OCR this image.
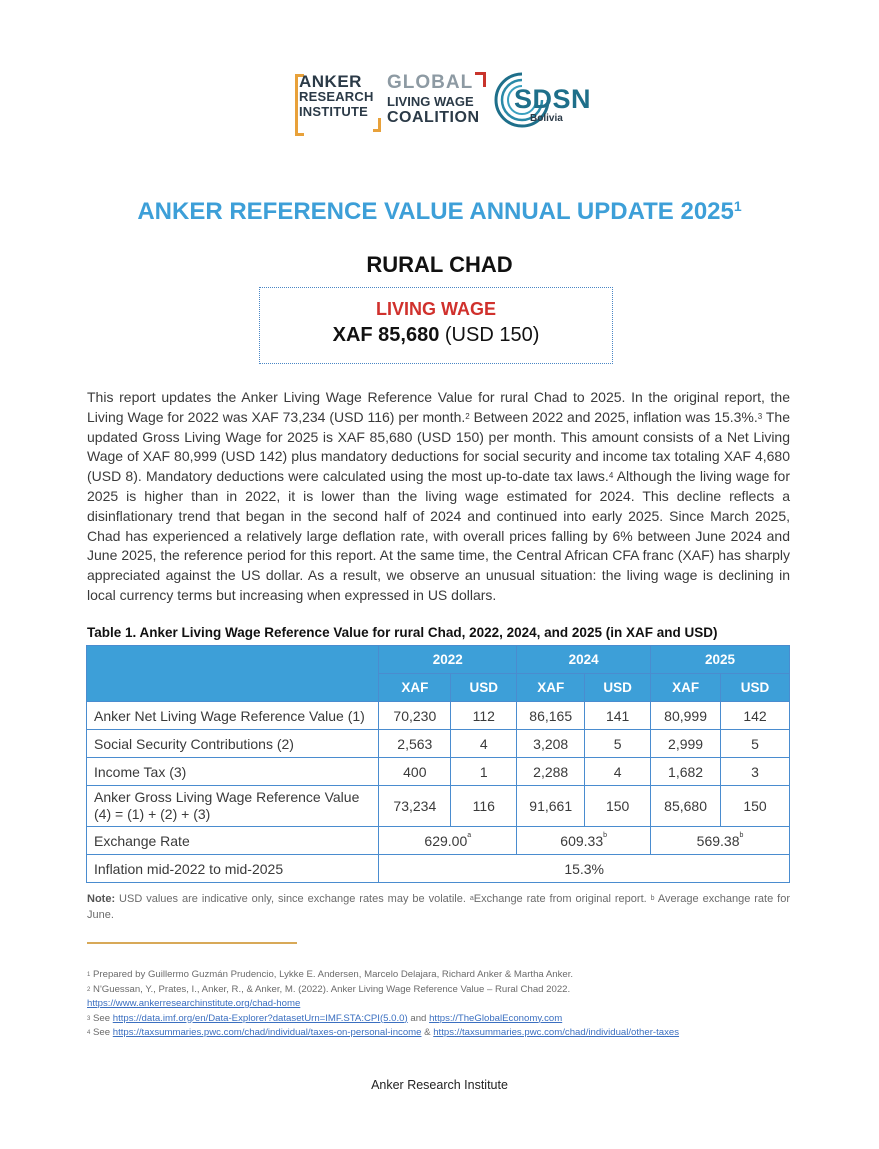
ANKER
RESEARCH
INSTITUTE
GLOBAL
LIVING WAGE
COALITION
SDSN
Bolivia
ANKER REFERENCE VALUE ANNUAL UPDATE 2025$^1$
RURAL CHAD
LIVING WAGE
XAF 85,680 (USD 150)
This report updates the Anker Living Wage Reference Value for rural Chad to 2025. In the original report, the Living Wage for 2022 was XAF 73,234 (USD 116) per month.$^2$ Between 2022 and 2025, inflation was 15.3%.$^3$ The updated Gross Living Wage for 2025 is XAF 85,680 (USD 150) per month. This amount consists of a Net Living Wage of XAF 80,999 (USD 142) plus mandatory deductions for social security and income tax totaling XAF 4,680 (USD 8). Mandatory deductions were calculated using the most up-to-date tax laws.$^4$ Although the living wage for 2025 is higher than in 2022, it is lower than the living wage estimated for 2024. This decline reflects a disinflationary trend that began in the second half of 2024 and continued into early 2025. Since March 2025, Chad has experienced a relatively large deflation rate, with overall prices falling by 6% between June 2024 and June 2025, the reference period for this report. At the same time, the Central African CFA franc (XAF) has sharply appreciated against the US dollar. As a result, we observe an unusual situation: the living wage is declining in local currency terms but increasing when expressed in US dollars.
Table 1. Anker Living Wage Reference Value for rural Chad, 2022, 2024, and 2025 (in XAF and USD)
	2022		2024		2025	
	XAF	USD	XAF	USD	XAF	USD
Anker Net Living Wage Reference Value (1)	70,230	112	86,165	141	80,999	142
Social Security Contributions (2)	2,563	4	3,208	5	2,999	5
Income Tax (3)	400	1	2,288	4	1,682	3

Anker Gross Living Wage Reference Value
(4) = (1) + (2) + (3)	73,234	116	91,661	150	85,680	150
Exchange Rate	629.00$^a$		609.33$^b$		569.38$^b$
Inflation mid-2022 to mid-2025	15.3%					
Note: USD values are indicative only, since exchange rates may be volatile. $^a$Exchange rate from original report. $^b$ Average exchange rate for June.

$^1$ Prepared by Guillermo Guzmán Prudencio, Lykke E. Andersen, Marcelo Delajara, Richard Anker & Martha Anker.

$^2$ N'Guessan, Y., Prates, I., Anker, R., & Anker, M. (2022). Anker Living Wage Reference Value – Rural Chad 2022.
https://www.ankerresearchinstitute.org/chad-home

$^3$ See https://data.imf.org/en/Data-Explorer?datasetUrn=IMF.STA:CPI(5.0.0) and https://TheGlobalEconomy.com

$^4$ See https://taxsummaries.pwc.com/chad/individual/taxes-on-personal-income & https://taxsummaries.pwc.com/chad/individual/other-taxes

Anker Research Institute
